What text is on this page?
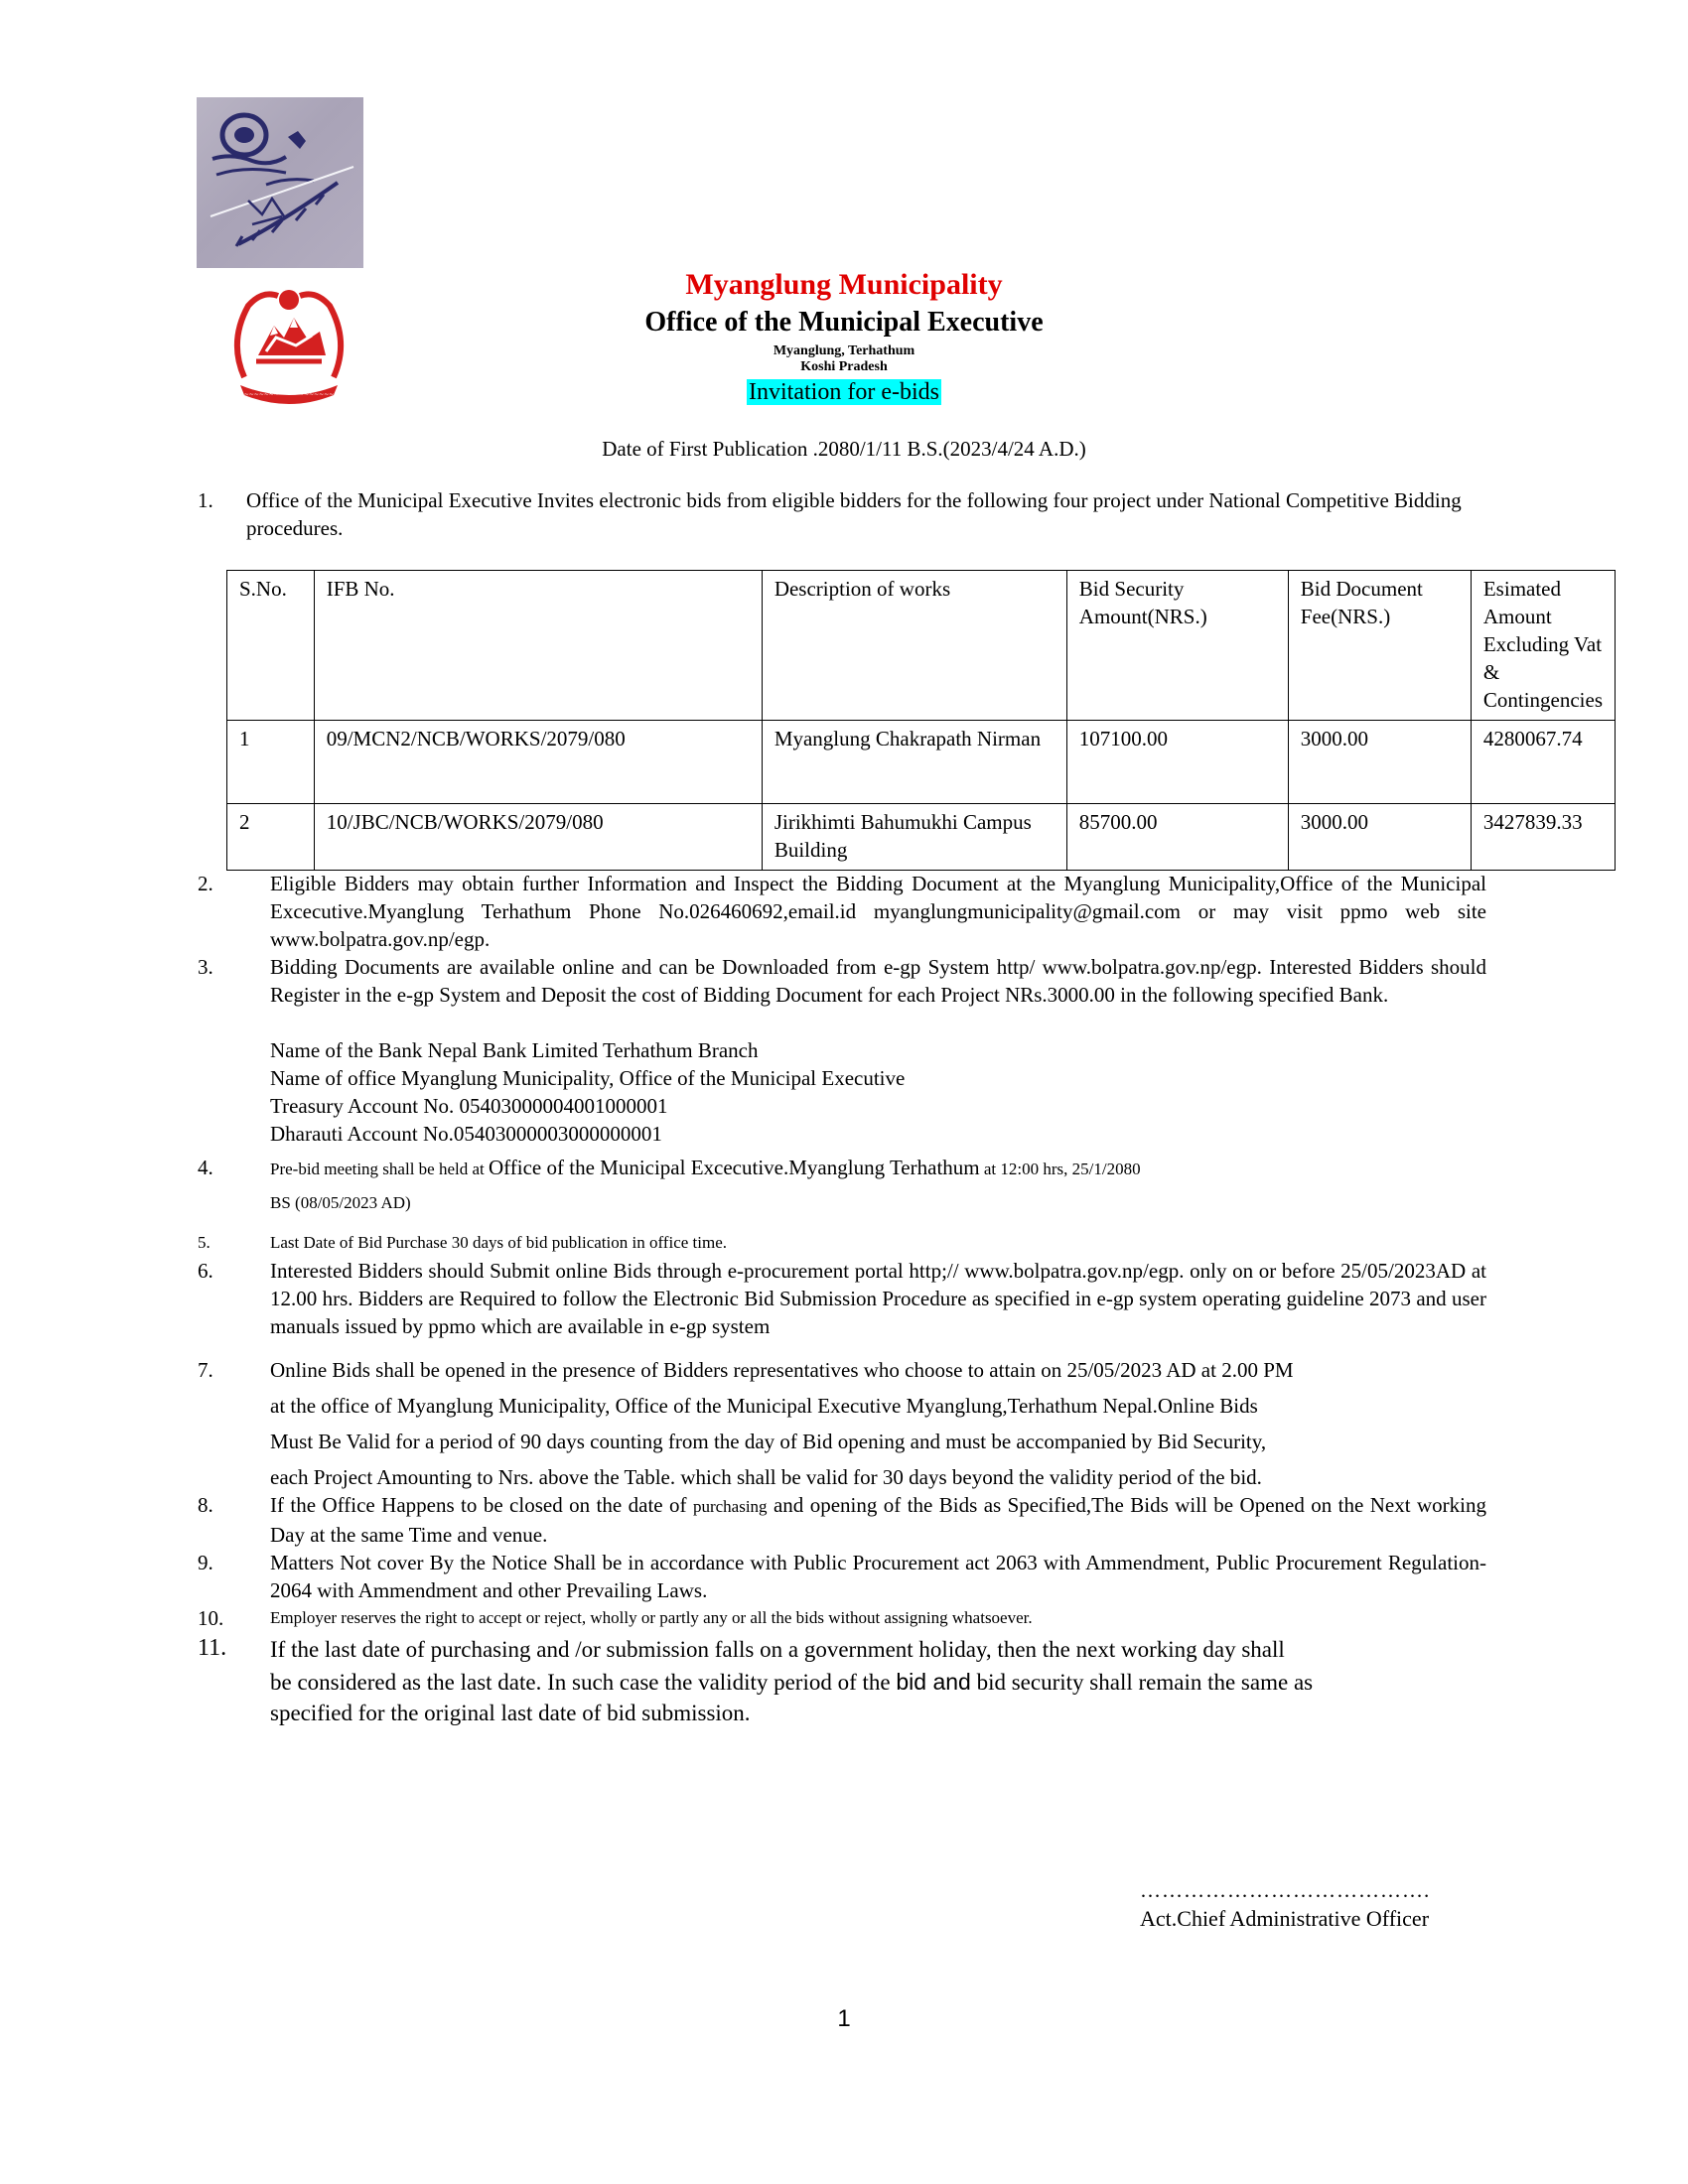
~~~~~~~~~~~~~~~~~~
Myanglung Municipality
Office of the Municipal Executive
Myanglung, Terhathum
Koshi Pradesh
Invitation for e-bids
Date of First Publication .2080/1/11 B.S.(2023/4/24 A.D.)
1. Office of the Municipal Executive Invites electronic bids from eligible bidders for the following four project under National Competitive Bidding procedures.
S.No.	IFB No.	Description of works	Bid Security Amount(NRS.)	Bid Document Fee(NRS.)	Esimated Amount Excluding Vat & Contingencies
1	09/MCN2/NCB/WORKS/2079/080	Myanglung Chakrapath Nirman	107100.00	3000.00	4280067.74
2	10/JBC/NCB/WORKS/2079/080	Jirikhimti Bahumukhi Campus Building	85700.00	3000.00	3427839.33
2.	Eligible Bidders may obtain further Information and Inspect the Bidding Document at the Myanglung Municipality,Office of the Municipal Excecutive.Myanglung Terhathum Phone No.026460692,email.id myanglungmunicipality@gmail.com or may visit ppmo web site www.bolpatra.gov.np/egp.
3.	Bidding Documents are available online and can be Downloaded from e-gp System http/ www.bolpatra.gov.np/egp. Interested Bidders should Register in the e-gp System and Deposit the cost of Bidding Document for each Project NRs.3000.00 in the following specified Bank.
Name of the Bank Nepal Bank Limited Terhathum Branch
Name of office Myanglung Municipality, Office of the Municipal Executive
Treasury Account No. 05403000004001000001
Dharauti Account No.05403000003000000001
4.	Pre-bid meeting shall be held at Office of the Municipal Excecutive.Myanglung Terhathum at 12:00 hrs, 25/1/2080
BS (08/05/2023 AD)
5.	Last Date of Bid Purchase 30 days of bid publication in office time.
6.	Interested Bidders should Submit online Bids through e-procurement portal http;// www.bolpatra.gov.np/egp. only on or before 25/05/2023AD at 12.00 hrs. Bidders are Required to follow the Electronic Bid Submission Procedure as specified in e-gp system operating guideline 2073 and user manuals issued by ppmo which are available in e-gp system
7.	Online Bids shall be opened in the presence of Bidders representatives who choose to attain on 25/05/2023 AD at 2.00 PM
at the office of Myanglung Municipality, Office of the Municipal Executive Myanglung,Terhathum Nepal.Online Bids
Must Be Valid for a period of 90 days counting from the day of Bid opening and must be accompanied by Bid Security,
each Project Amounting to Nrs. above the Table. which shall be valid for 30 days beyond the validity period of the bid.
8.	If the Office Happens to be closed on the date of purchasing and opening of the Bids as Specified,The Bids will be Opened on the Next working Day at the same Time and venue.
9.	Matters Not cover By the Notice Shall be in accordance with Public Procurement act 2063 with Ammendment, Public Procurement Regulation-2064 with Ammendment and other Prevailing Laws.
10.	Employer reserves the right to accept or reject, wholly or partly any or all the bids without assigning whatsoever.
11. If the last date of purchasing and /or submission falls on a government holiday, then the next working day shall
be considered as the last date. In such case the validity period of the bid and bid security shall remain the same as
specified for the original last date of bid submission.
………………………………….
Act.Chief Administrative Officer
1
